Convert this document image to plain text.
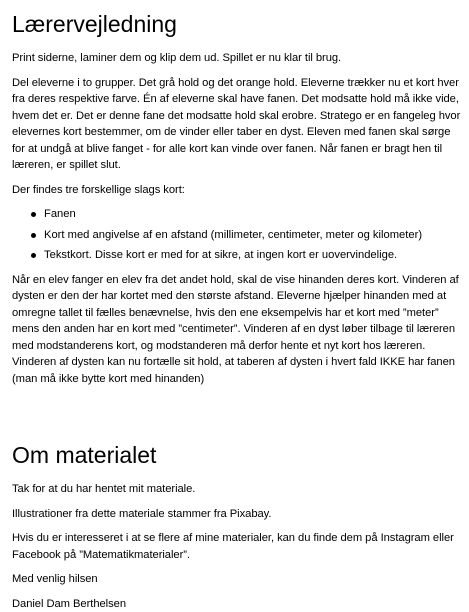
Lærervejledning

Print siderne, laminer dem og klip dem ud. Spillet er nu klar til brug.

Del eleverne i to grupper. Det grå hold og det orange hold. Eleverne trækker nu et kort hver fra deres respektive farve. Én af eleverne skal have fanen. Det modsatte hold må ikke vide, hvem det er. Det er denne fane det modsatte hold skal erobre. Stratego er en fangeleg hvor elevernes kort bestemmer, om de vinder eller taber en dyst. Eleven med fanen skal sørge for at undgå at blive fanget - for alle kort kan vinde over fanen. Når fanen er bragt hen til læreren, er spillet slut.

Der findes tre forskellige slags kort:

Fanen
Kort med angivelse af en afstand (millimeter, centimeter, meter og kilometer)
Tekstkort. Disse kort er med for at sikre, at ingen kort er uovervindelige.

Når en elev fanger en elev fra det andet hold, skal de vise hinanden deres kort. Vinderen af dysten er den der har kortet med den største afstand. Eleverne hjælper hinanden med at omregne tallet til fælles benævnelse, hvis den ene eksempelvis har et kort med ”meter” mens den anden har en kort med ”centimeter”. Vinderen af en dyst løber tilbage til læreren med modstanderens kort, og modstanderen må derfor hente et nyt kort hos læreren. Vinderen af dysten kan nu fortælle sit hold, at taberen af dysten i hvert fald IKKE har fanen (man må ikke bytte kort med hinanden)

Om materialet

Tak for at du har hentet mit materiale.

Illustrationer fra dette materiale stammer fra Pixabay.

Hvis du er interesseret i at se flere af mine materialer, kan du finde dem på Instagram eller Facebook på ”Matematikmaterialer”.

Med venlig hilsen

Daniel Dam Berthelsen
